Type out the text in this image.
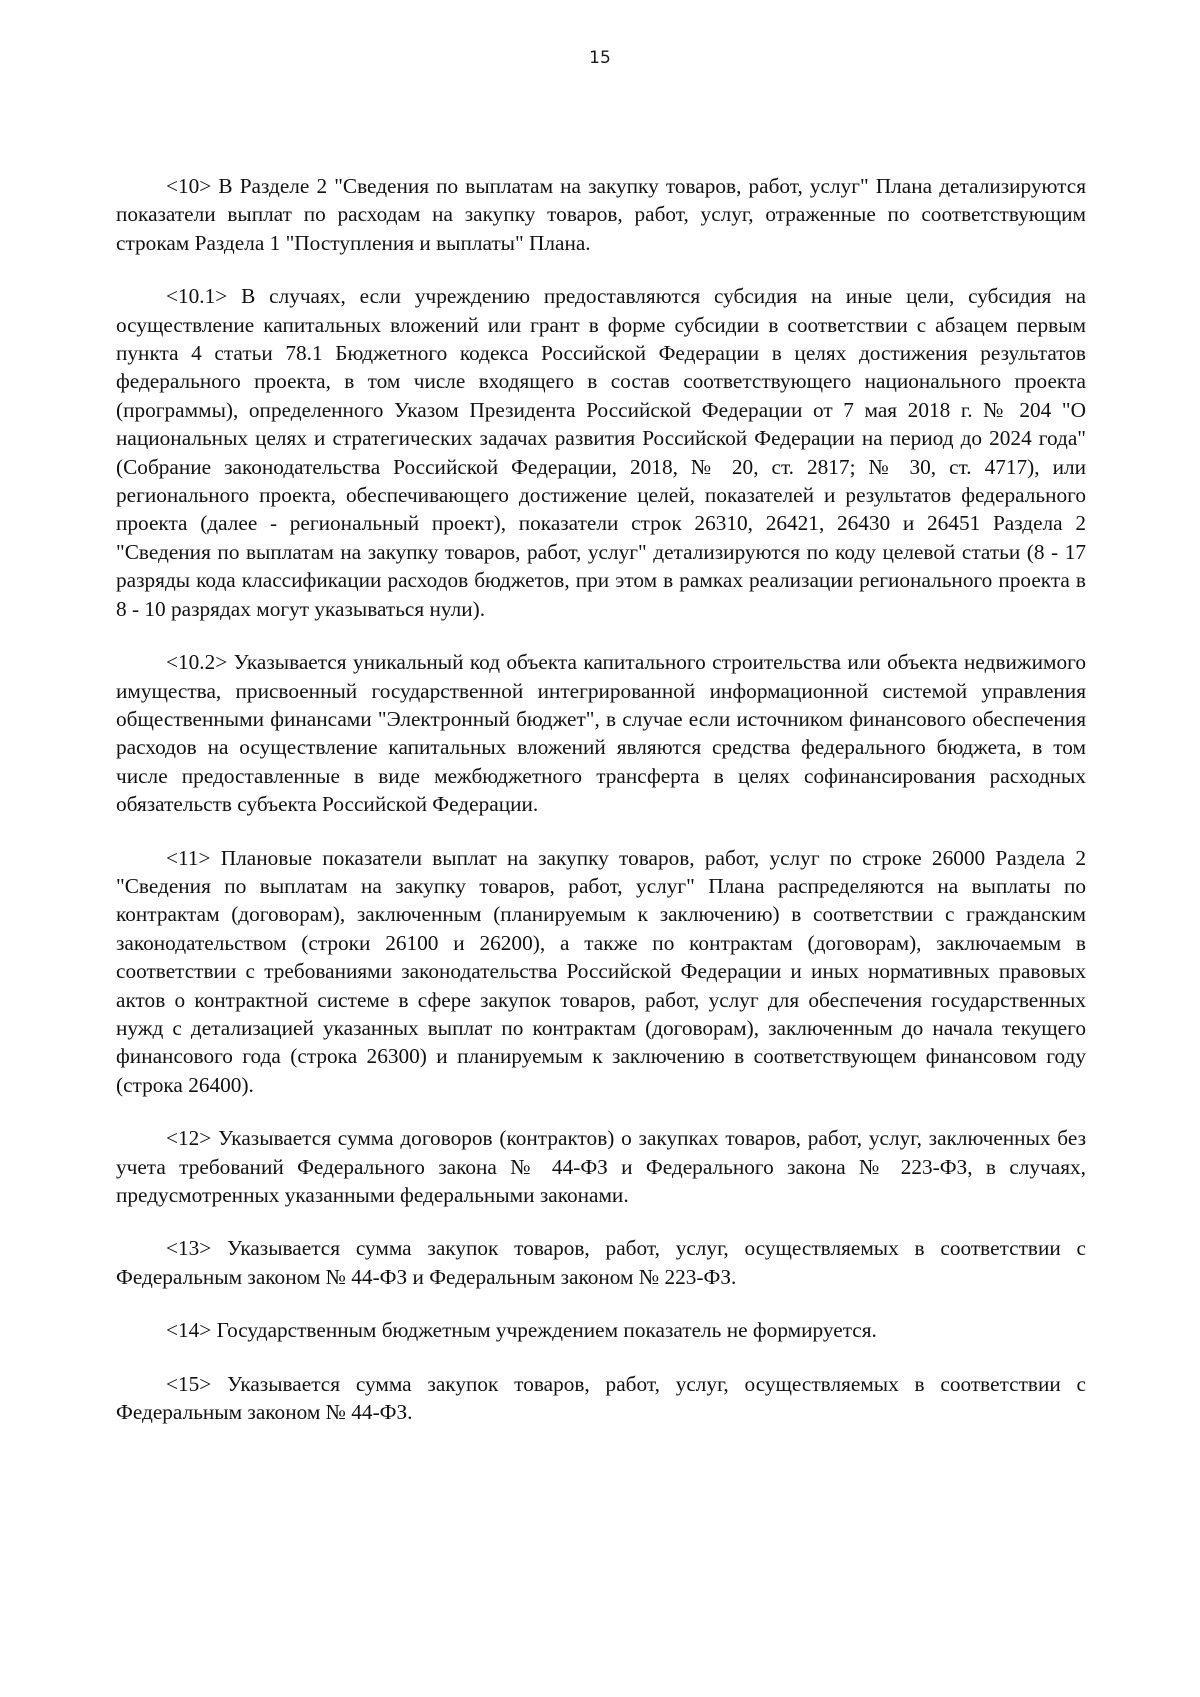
15

<10> В Разделе 2 "Сведения по выплатам на закупку товаров, работ, услуг" Плана детализируются показатели выплат по расходам на закупку товаров, работ, услуг, отраженные по соответствующим строкам Раздела 1 "Поступления и выплаты" Плана.

<10.1> В случаях, если учреждению предоставляются субсидия на иные цели, субсидия на осуществление капитальных вложений или грант в форме субсидии в соответствии с абзацем первым пункта 4 статьи 78.1 Бюджетного кодекса Российской Федерации в целях достижения результатов федерального проекта, в том числе входящего в состав соответствующего национального проекта (программы), определенного Указом Президента Российской Федерации от 7 мая 2018 г. № 204 "О национальных целях и стратегических задачах развития Российской Федерации на период до 2024 года" (Собрание законодательства Российской Федерации, 2018, № 20, ст. 2817; № 30, ст. 4717), или регионального проекта, обеспечивающего достижение целей, показателей и результатов федерального проекта (далее - региональный проект), показатели строк 26310, 26421, 26430 и 26451 Раздела 2 "Сведения по выплатам на закупку товаров, работ, услуг" детализируются по коду целевой статьи (8 - 17 разряды кода классификации расходов бюджетов, при этом в рамках реализации регионального проекта в 8 - 10 разрядах могут указываться нули).

<10.2> Указывается уникальный код объекта капитального строительства или объекта недвижимого имущества, присвоенный государственной интегрированной информационной системой управления общественными финансами "Электронный бюджет", в случае если источником финансового обеспечения расходов на осуществление капитальных вложений являются средства федерального бюджета, в том числе предоставленные в виде межбюджетного трансферта в целях софинансирования расходных обязательств субъекта Российской Федерации.

<11> Плановые показатели выплат на закупку товаров, работ, услуг по строке 26000 Раздела 2 "Сведения по выплатам на закупку товаров, работ, услуг" Плана распределяются на выплаты по контрактам (договорам), заключенным (планируемым к заключению) в соответствии с гражданским законодательством (строки 26100 и 26200), а также по контрактам (договорам), заключаемым в соответствии с требованиями законодательства Российской Федерации и иных нормативных правовых актов о контрактной системе в сфере закупок товаров, работ, услуг для обеспечения государственных нужд с детализацией указанных выплат по контрактам (договорам), заключенным до начала текущего финансового года (строка 26300) и планируемым к заключению в соответствующем финансовом году (строка 26400).

<12> Указывается сумма договоров (контрактов) о закупках товаров, работ, услуг, заключенных без учета требований Федерального закона № 44-ФЗ и Федерального закона № 223-ФЗ, в случаях, предусмотренных указанными федеральными законами.

<13> Указывается сумма закупок товаров, работ, услуг, осуществляемых в соответствии с Федеральным законом № 44-ФЗ и Федеральным законом № 223-ФЗ.

<14> Государственным бюджетным учреждением показатель не формируется.

<15> Указывается сумма закупок товаров, работ, услуг, осуществляемых в соответствии с Федеральным законом № 44-ФЗ.
